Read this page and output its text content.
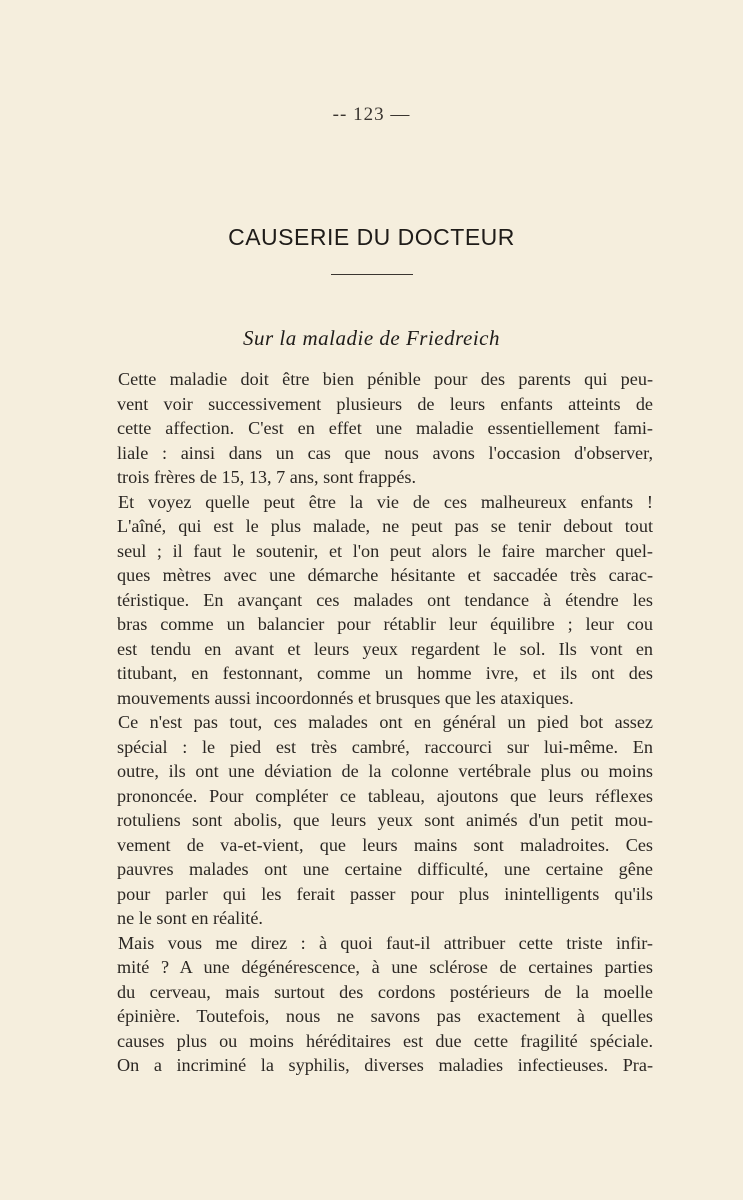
-- 123 —
CAUSERIE DU DOCTEUR
Sur la maladie de Friedreich
Cette maladie doit être bien pénible pour des parents qui peu-
vent voir successivement plusieurs de leurs enfants atteints de
cette affection. C'est en effet une maladie essentiellement fami-
liale : ainsi dans un cas que nous avons l'occasion d'observer,
trois frères de 15, 13, 7 ans, sont frappés.
Et voyez quelle peut être la vie de ces malheureux enfants !
L'aîné, qui est le plus malade, ne peut pas se tenir debout tout
seul ; il faut le soutenir, et l'on peut alors le faire marcher quel-
ques mètres avec une démarche hésitante et saccadée très carac-
téristique. En avançant ces malades ont tendance à étendre les
bras comme un balancier pour rétablir leur équilibre ; leur cou
est tendu en avant et leurs yeux regardent le sol. Ils vont en
titubant, en festonnant, comme un homme ivre, et ils ont des
mouvements aussi incoordonnés et brusques que les ataxiques.
Ce n'est pas tout, ces malades ont en général un pied bot assez
spécial : le pied est très cambré, raccourci sur lui-même. En
outre, ils ont une déviation de la colonne vertébrale plus ou moins
prononcée. Pour compléter ce tableau, ajoutons que leurs réflexes
rotuliens sont abolis, que leurs yeux sont animés d'un petit mou-
vement de va-et-vient, que leurs mains sont maladroites. Ces
pauvres malades ont une certaine difficulté, une certaine gêne
pour parler qui les ferait passer pour plus inintelligents qu'ils
ne le sont en réalité.
Mais vous me direz : à quoi faut-il attribuer cette triste infir-
mité ? A une dégénérescence, à une sclérose de certaines parties
du cerveau, mais surtout des cordons postérieurs de la moelle
épinière. Toutefois, nous ne savons pas exactement à quelles
causes plus ou moins héréditaires est due cette fragilité spéciale.
On a incriminé la syphilis, diverses maladies infectieuses. Pra-
